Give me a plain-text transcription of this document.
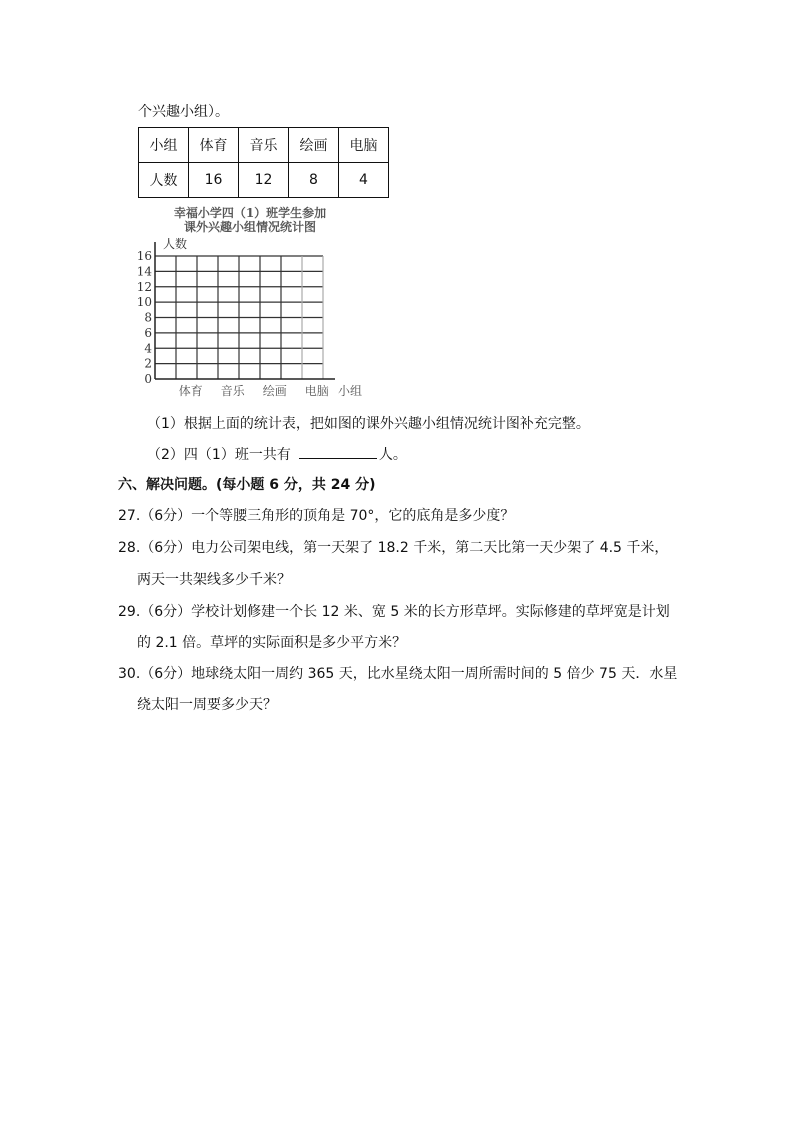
个兴趣小组）。
小组	体育	音乐	绘画	电脑
人数	16	12	8	4
幸福小学四（1）班学生参加
课外兴趣小组情况统计图
人数
小组
0
2
4
6
8
10
12
14
16
体育 音乐 绘画 电脑
（1）根据上面的统计表，把如图的课外兴趣小组情况统计图补充完整。
（2）四（1）班一共有	人。
六、解决问题。(每小题 6 分，共 24 分)
27.（6分）一个等腰三角形的顶角是 70°，它的底角是多少度？
28.（6分）电力公司架电线，第一天架了 18.2 千米，第二天比第一天少架了 4.5 千米，
两天一共架线多少千米？
29.（6分）学校计划修建一个长 12 米、宽 5 米的长方形草坪。实际修建的草坪宽是计划
的 2.1 倍。草坪的实际面积是多少平方米？
30.（6分）地球绕太阳一周约 365 天，比水星绕太阳一周所需时间的 5 倍少 75 天．水星
绕太阳一周要多少天？
